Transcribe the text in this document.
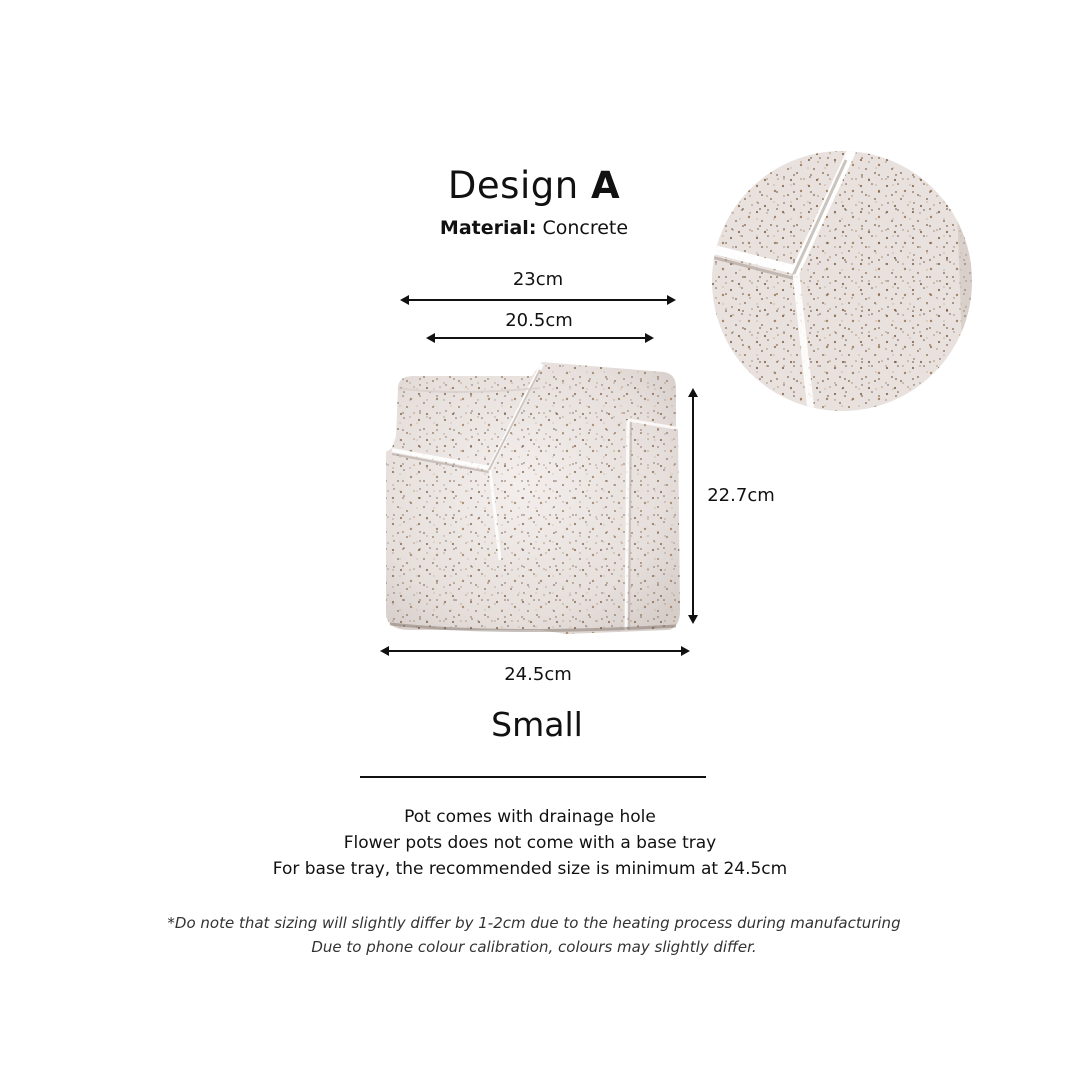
Design A
Material: Concrete
23cm
20.5cm
22.7cm
24.5cm
Small
Pot comes with drainage hole
Flower pots does not come with a base tray
For base tray, the recommended size is minimum at 24.5cm
*Do note that sizing will slightly differ by 1-2cm due to the heating process during manufacturing
Due to phone colour calibration, colours may slightly differ.
